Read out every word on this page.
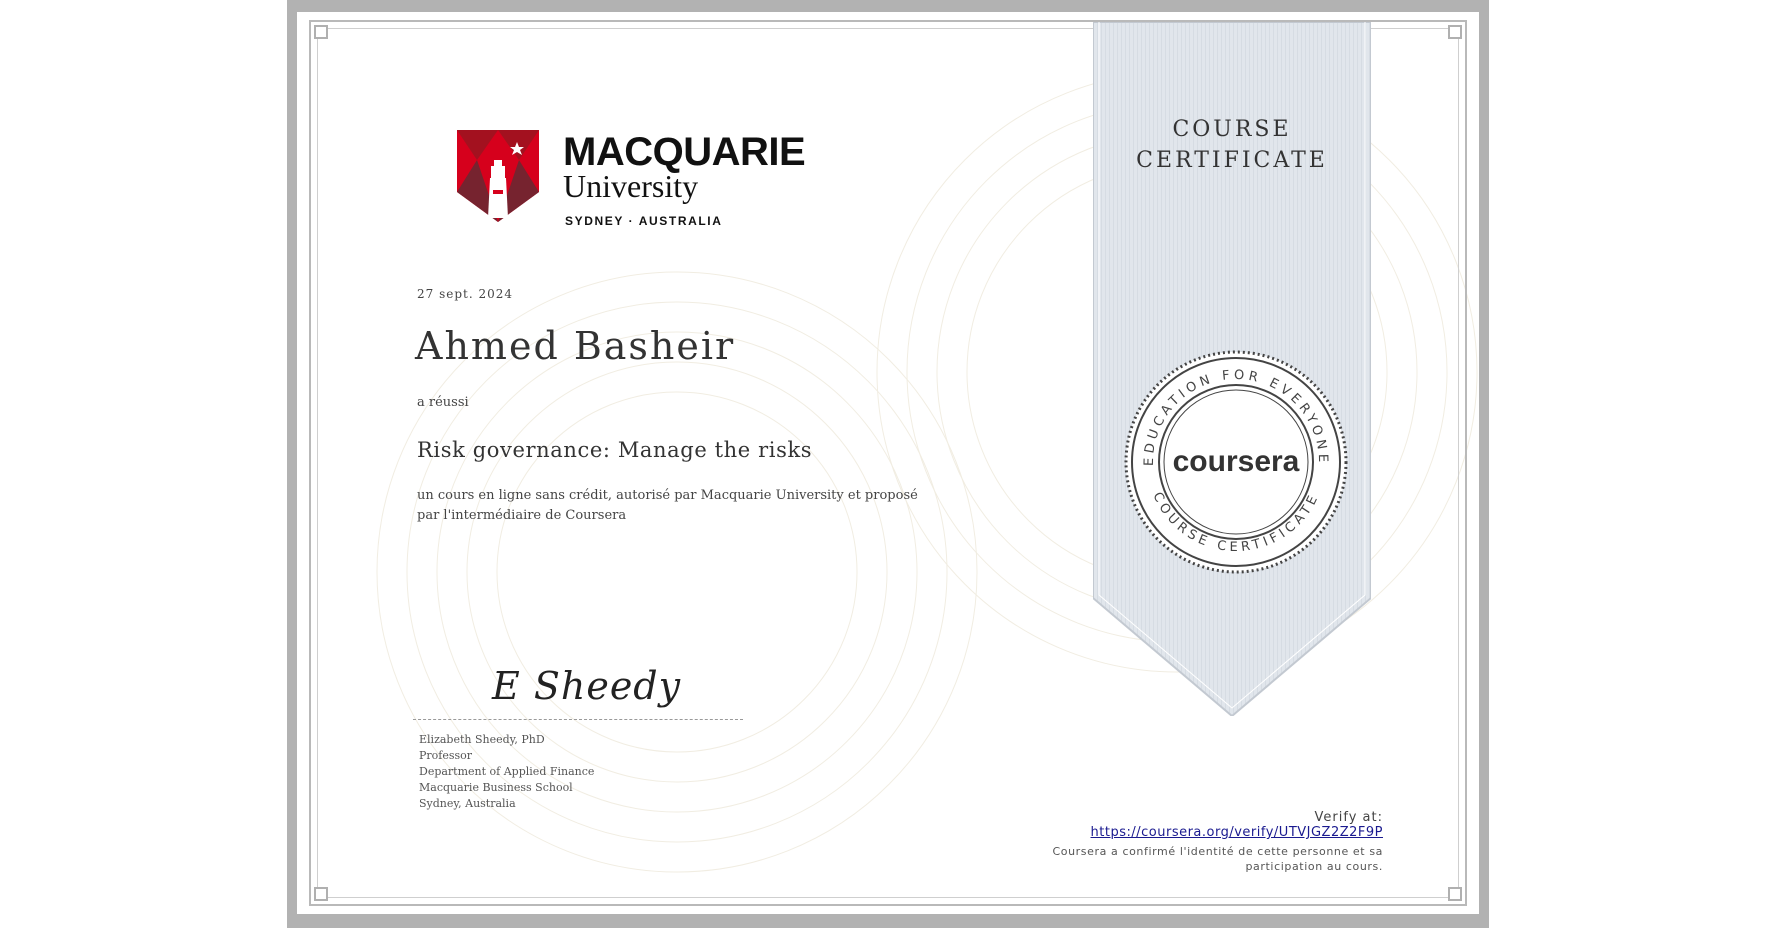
MACQUARIE
University
SYDNEY · AUSTRALIA
27 sept. 2024
Ahmed Basheir
a réussi
Risk governance: Manage the risks
un cours en ligne sans crédit, autorisé par Macquarie University et proposé par l'intermédiaire de Coursera
E Sheedy
Elizabeth Sheedy, PhD
Professor
Department of Applied Finance
Macquarie Business School
Sydney, Australia
COURSE
CERTIFICATE
EDUCATION FOR EVERYONE
COURSE CERTIFICATE
coursera
Verify at:
https://coursera.org/verify/UTVJGZ2Z2F9P
Coursera a confirmé l'identité de cette personne et sa
participation au cours.
